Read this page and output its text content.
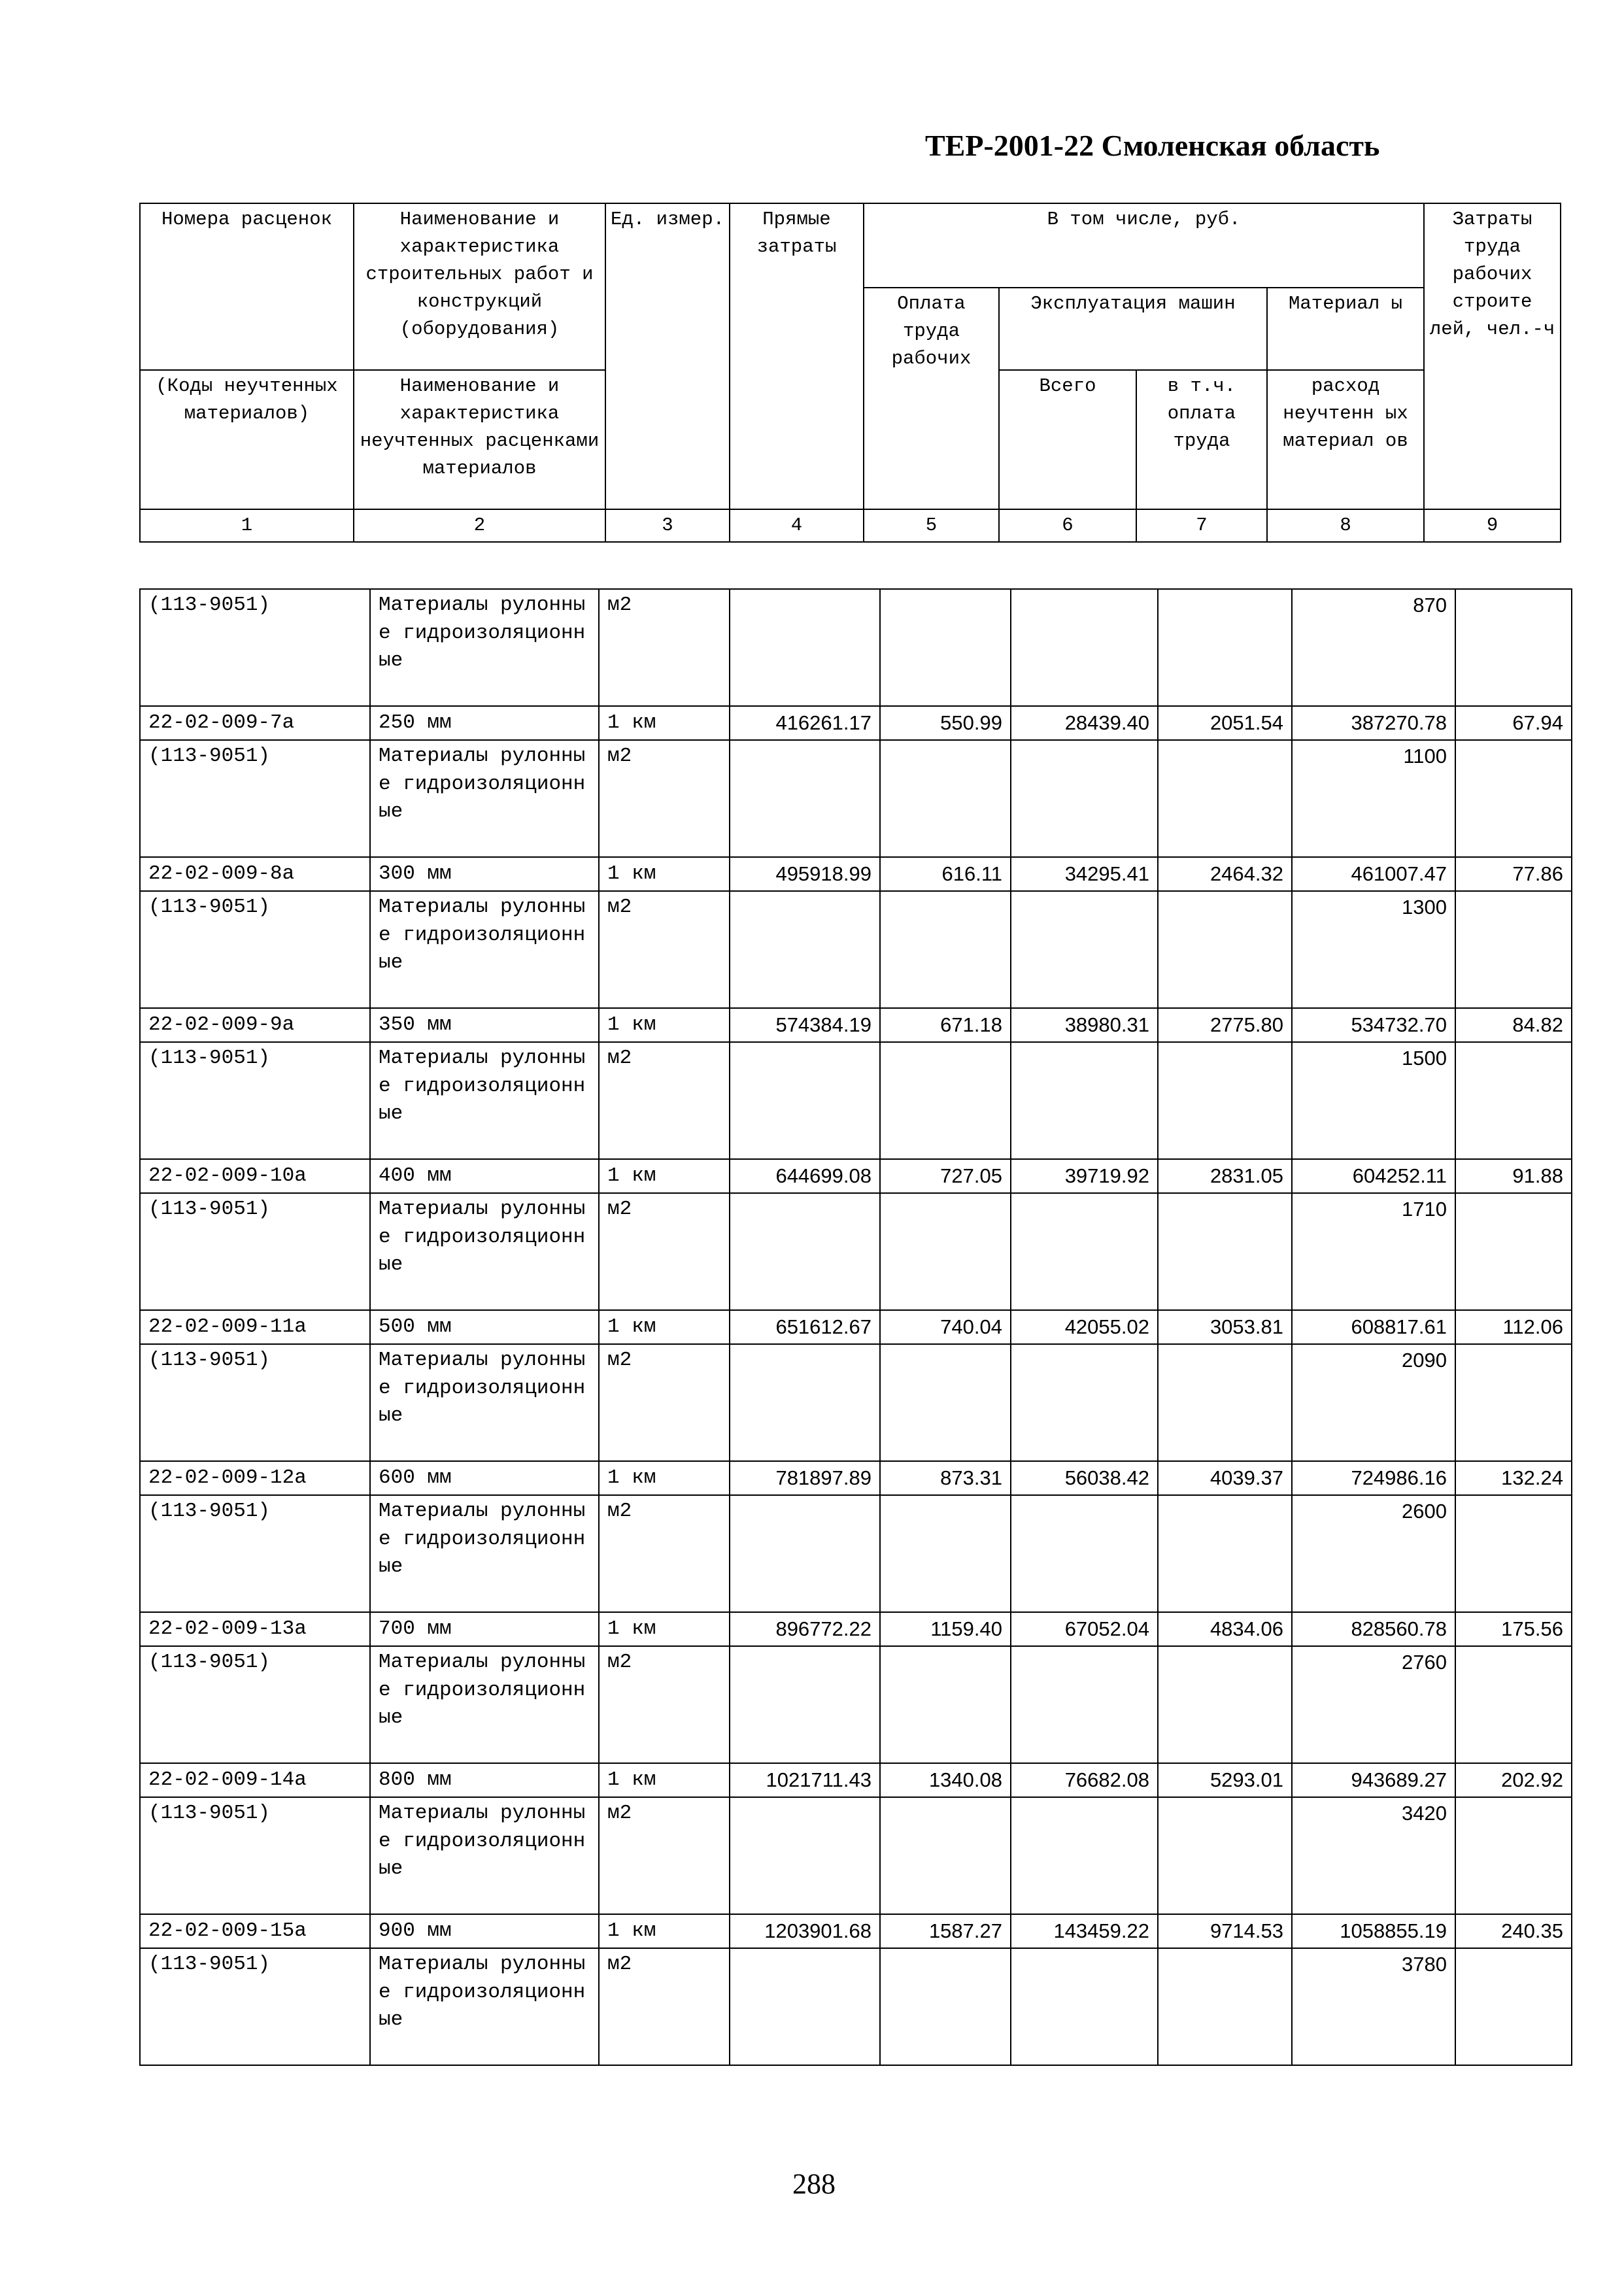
ТЕР-2001-22 Смоленская область
Номера расценок	Наименование и характеристика строительных работ и конструкций (оборудования)	Ед. измер.	Прямые затраты	В том числе, руб.				Затраты труда рабочих строите лей, чел.-ч
				Оплата труда рабочих	Эксплуатация машин		Материал ы	
(Коды неучтенных материалов)	Наименование и характеристика неучтенных расценками материалов				Всего	в т.ч. оплата труда	расход неучтенн ых материал ов	

1	2	3	4	5	6	7	8	9
(113-9051)	Материалы рулонные гидроизоляционные	м2					870	
22-02-009-7а	250 мм	1 км	416261.17	550.99	28439.40	2051.54	387270.78	67.94
(113-9051)	Материалы рулонные гидроизоляционные	м2					1100	
22-02-009-8а	300 мм	1 км	495918.99	616.11	34295.41	2464.32	461007.47	77.86
(113-9051)	Материалы рулонные гидроизоляционные	м2					1300	
22-02-009-9а	350 мм	1 км	574384.19	671.18	38980.31	2775.80	534732.70	84.82
(113-9051)	Материалы рулонные гидроизоляционные	м2					1500	
22-02-009-10а	400 мм	1 км	644699.08	727.05	39719.92	2831.05	604252.11	91.88
(113-9051)	Материалы рулонные гидроизоляционные	м2					1710	
22-02-009-11а	500 мм	1 км	651612.67	740.04	42055.02	3053.81	608817.61	112.06
(113-9051)	Материалы рулонные гидроизоляционные	м2					2090	
22-02-009-12а	600 мм	1 км	781897.89	873.31	56038.42	4039.37	724986.16	132.24
(113-9051)	Материалы рулонные гидроизоляционные	м2					2600	
22-02-009-13а	700 мм	1 км	896772.22	1159.40	67052.04	4834.06	828560.78	175.56
(113-9051)	Материалы рулонные гидроизоляционные	м2					2760	
22-02-009-14а	800 мм	1 км	1021711.43	1340.08	76682.08	5293.01	943689.27	202.92
(113-9051)	Материалы рулонные гидроизоляционные	м2					3420	
22-02-009-15а	900 мм	1 км	1203901.68	1587.27	143459.22	9714.53	1058855.19	240.35
(113-9051)	Материалы рулонные гидроизоляционные	м2					3780	
288
